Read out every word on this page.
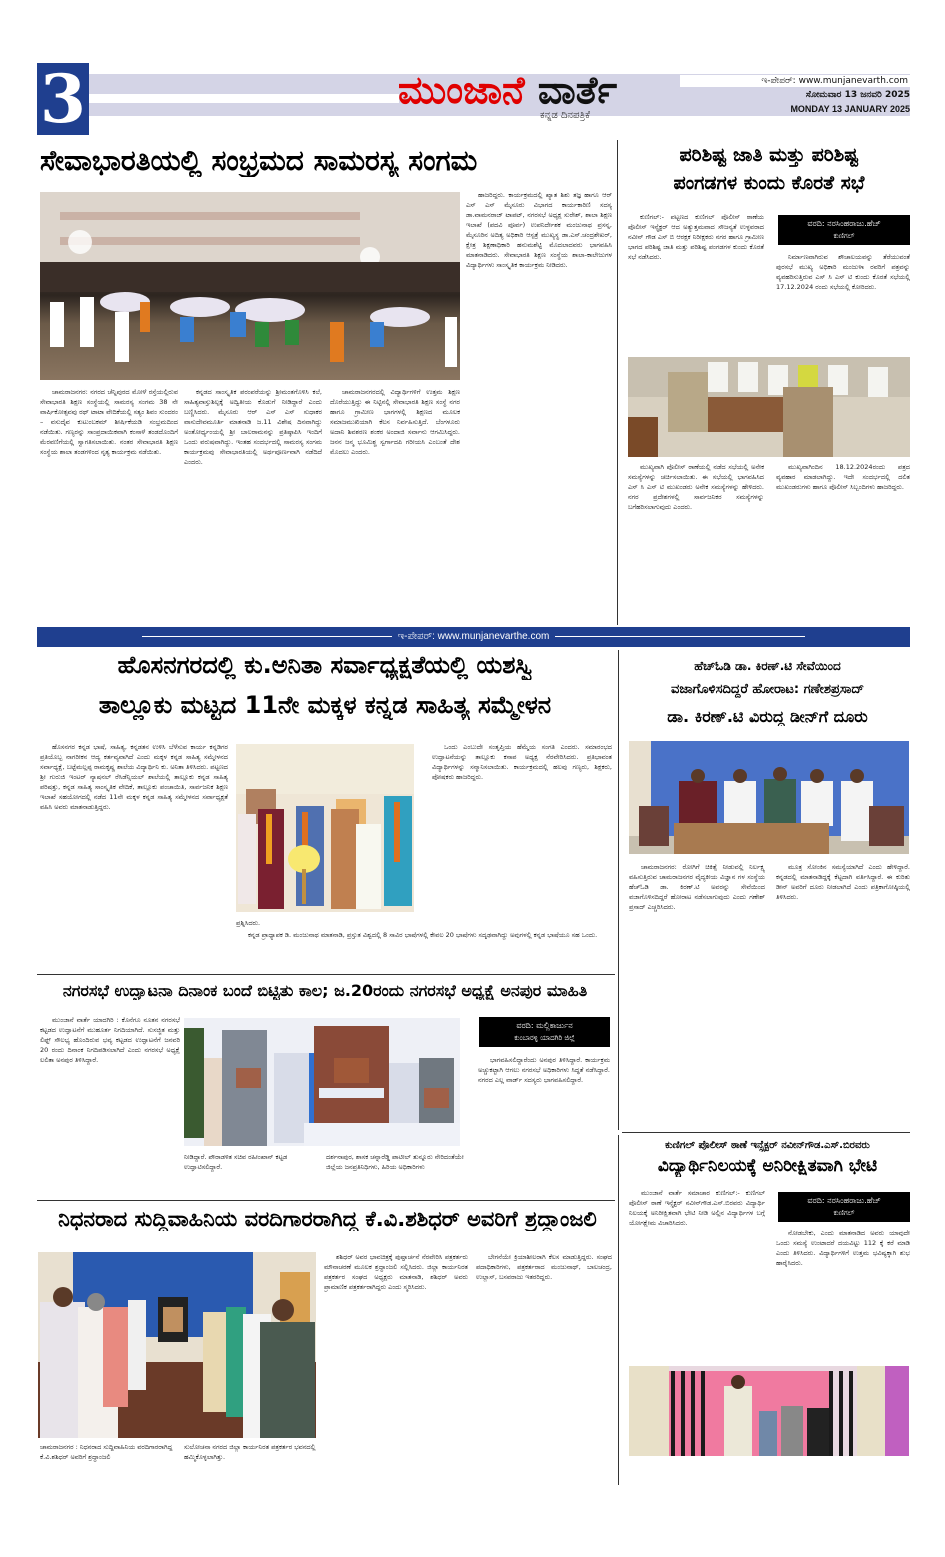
3	ಮುಂಜಾನೆ ವಾರ್ತೆ
ಕನ್ನಡ ದಿನಪತ್ರಿಕೆ
ಇ-ಪೇಪರ್: www.munjanevarth.com
ಸೋಮವಾರ 13 ಜನವರಿ 2025
MONDAY 13 JANUARY 2025
ಸೇವಾಭಾರತಿಯಲ್ಲಿ ಸಂಭ್ರಮದ ಸಾಮರಸ್ಯ ಸಂಗಮ

ಚಾಮರಾಜನಗರ: ನಗರದ ಚೆನ್ನಿಪುರದ ಮೋಳೆ ರಸ್ತೆಯಲ್ಲಿರುವ ಸೇವಾಭಾರತಿ ಶಿಕ್ಷಣ ಸಂಸ್ಥೆಯಲ್ಲಿ ಸಾಮರಸ್ಯ ಸಂಗಮ 38 ನೇ ವಾರ್ಷಿಕೋತ್ಸವವು ರಥ್ ಟಾಟಾ ವೇದಿಕೆಯಲ್ಲಿ ಸತ್ಯಂ ಶಿವಂ ಸುಂದರಂ – ವಸುದೈವ ಕುಟುಂಬಕಮ್ ಶೀರ್ಷಿಕೆಯಡಿ ಸಂಭ್ರಮದಿಂದ ನಡೆಯಿತು. ಗಣ್ಯರನ್ನು ಸಾಂಪ್ರದಾಯಿಕವಾಗಿ ಕಂಸಾಳೆ ತಂಡದೊಂದಿಗೆ ಮೆರವಣಿಗೆಯಲ್ಲಿ ಸ್ವಾಗತಿಸಲಾಯಿತು. ನಂತರ ಸೇವಾಭಾರತಿ ಶಿಕ್ಷಣ ಸಂಸ್ಥೆಯ ಶಾಲಾ ತಂಡಗಳಿಂದ ನೃತ್ಯ ಕಾರ್ಯಕ್ರಮ ನಡೆಯಿತು.

ಕನ್ನಡದ ಸಾಂಸ್ಕೃತಿಕ ಪರಂಪರೆಯನ್ನು ಶ್ರೀಮಂತಗೊಳಿಸಿ ಕಲೆ, ಸಾಹಿತ್ಯವಾಸ್ತುಶಿಲ್ಪಕ್ಕೆ ಅದ್ವಿತೀಯ ಕೊಡುಗೆ ನೀಡಿದ್ದಾರೆ ಎಂದು ಬಣ್ಣಿಸಿದರು. ಮೈಸೂರು ಆರ್ ಎಸ್ ಎಸ್ ಸುಧಾಕರ ವಾಸುದೇವಮೂರ್ತಿ ಮಾತನಾಡಿ ಜ.11 ವಿಶೇಷ ದಿನವಾಗಿದ್ದು ಅಂತೋರ್ಧ್ಯಂಯಲ್ಲಿ ಶ್ರೀ ಬಾಲರಾಮನನ್ನು ಪ್ರತಿಷ್ಠಾಪಿಸಿ ಇಂದಿಗೆ ಒಂದು ವರುಷವಾಗಿದ್ದು. ಇಂತಹ ಸಂದರ್ಭದಲ್ಲಿ ಸಾಮರಸ್ಯ ಸಂಗಮ ಕಾರ್ಯಕ್ರಮವು ಸೇವಾಭಾರತಿಯಲ್ಲಿ ಅರ್ಥಪೂರ್ಣವಾಗಿ ನಡೆದಿದೆ ಎಂದರು.

ಚಾಮರಾಜನಗರದಲ್ಲಿ ವಿದ್ಯಾರ್ಥಿಗಳಿಗೆ ಉತ್ತಮ ಶಿಕ್ಷಣ ದೊರೆಯುತ್ತಿದ್ದು ಈ ನಿಟ್ಟಿನಲ್ಲಿ ಸೇವಾಭಾರತಿ ಶಿಕ್ಷಣ ಸಂಸ್ಥೆ ನಗರ ಹಾಗೂ ಗ್ರಾಮೀಣ ಭಾಗಗಳಲ್ಲಿ ಶಿಕ್ಷಣದ ಮೂಲಕ ಸಮಾಜಮುಖಿಯಾಗಿ ಕೆಲಸ ನಿರ್ವಹಿಸುತ್ತಿದೆ. ಬೆಂಗಳೂರು ಅದಾನಿ ಶಿವಶರಣ ಶಂಕರ ಅಂದಾಜಿ ಸರ್ವಾನು ಆಗಮಿಸಿದ್ದರು. ಜನನ ಜನ್ಮ ಭೂಮಿಶ್ಚ ಸ್ವರ್ಗಾದಪಿ ಗರೀಯಸಿ ಎಂಬಂತೆ ದೇಶ ಮೊದಲು ಎಂದರು.

ಹಾಜರಿದ್ದರು. ಕಾರ್ಯಕ್ರಮದಲ್ಲಿ ಖ್ಯಾತ ಶಿಶು ತಜ್ಞ ಹಾಗೂ ಆರ್ ಎಸ್ ಎಸ್ ಮೈಸೂರು ವಿಭಾಗದ ಕಾರ್ಯಕಾರಿಣಿ ಸದಸ್ಯ ಡಾ.ವಾಮನರಾಜ್ ಟಾಪಟ್, ನಗರಸಭೆ ಅಧ್ಯಕ್ಷ ಸುರೇಶ್, ಶಾಲಾ ಶಿಕ್ಷಣ ಇಲಾಖೆ (ಪದವಿ ಪೂರ್ವ) ಉಪನಿರ್ದೇಶಕ ಮಂಜುನಾಥ ಪ್ರಸನ್ನ, ಮೈಸೂರಿನ ಅದಿತ್ಯ ಅಧಿಕಾರಿ ಆಸ್ಪತ್ರೆ ಮುಖ್ಯಸ್ಥ ಡಾ.ಎಸ್.ಚಂದ್ರಶೇಖರ್, ಕ್ಷೇತ್ರ ಶಿಕ್ಷಣಾಧಿಕಾರಿ ಹನುಮಶೆಟ್ಟಿ ಮೊದಲಾದವರು ಭಾಗವಹಿಸಿ ಮಾತನಾಡಿದರು. ಸೇವಾಭಾರತಿ ಶಿಕ್ಷಣ ಸಂಸ್ಥೆಯ ಶಾಲಾ-ಕಾಲೇಜುಗಳ ವಿದ್ಯಾರ್ಥಿಗಳು ಸಾಂಸ್ಕೃತಿಕ ಕಾರ್ಯಕ್ರಮ ನೀಡಿದರು.

ಪರಿಶಿಷ್ಟ ಜಾತಿ ಮತ್ತು ಪರಿಶಿಷ್ಟ
ಪಂಗಡಗಳ ಕುಂದು ಕೊರತೆ ಸಭೆ

ಕುಣಿಗಲ್:- ಪಟ್ಟಣದ ಕುಣಿಗಲ್ ಪೊಲೀಸ್ ಠಾಣೆಯ ಪೊಲೀಸ್ ಇನ್ಸ್ಪೆಕ್ಟರ್ ಆದ ಅತ್ಯುತ್ತಮವಾದ ಸೌಜನ್ಯತೆ ಉಳ್ಳವರಾದ ನವೀನ್ ಗೌಡ ಎಸ್ ಬಿ ಆರಕ್ಷಕ ನಿರೀಕ್ಷಕರು ನಗರ ಹಾಗೂ ಗ್ರಾಮೀಣ ಭಾಗದ ಪರಿಶಿಷ್ಟ ಜಾತಿ ಮತ್ತು ಪರಿಶಿಷ್ಟ ಪಂಗಡಗಳ ಕುಂದು ಕೊರತೆ ಸಭೆ ನಡೆಸಿದರು.

ವರದಿ: ನರಸಿಂಹರಾಜು.ಹೆಚ್
ಕುಣಿಗಲ್

ನಿರ್ಮಾಣವಾಗಿರುವ ಶೌಚಾಲಯವನ್ನು ತೆರೆಯುವಂತೆ ಪುರಸಭೆ ಮುಖ್ಯ ಅಧಿಕಾರಿ ಮಂಜುಳಾ ರವರಿಗೆ ಪತ್ರವನ್ನು ವ್ಯವಹರಿಸುತ್ತಿರುವ ಎಸ್ ಸಿ ಎಸ್ ಟಿ ಕುಂದು ಕೊರತೆ ಸಭೆಯಲ್ಲಿ 17.12.2024 ರಂದು ಸಭೆಯಲ್ಲಿ ಕೋರಿದರು.

ಮುಖ್ಯವಾಗಿ ಪೊಲೀಸ್ ಠಾಣೆಯಲ್ಲಿ ನಡೆದ ಸಭೆಯಲ್ಲಿ ಅನೇಕ ಸಮಸ್ಯೆಗಳನ್ನು ಚರ್ಚಿಸಲಾಯಿತು. ಈ ಸಭೆಯಲ್ಲಿ ಭಾಗವಹಿಸಿದ ಎಸ್ ಸಿ ಎಸ್ ಟಿ ಮುಖಂಡರು ಅನೇಕ ಸಮಸ್ಯೆಗಳನ್ನು ಹೇಳಿದರು. ನಗರ ಪ್ರದೇಶಗಳಲ್ಲಿ ಸಾರ್ವಜನಿಕರ ಸಮಸ್ಯೆಗಳನ್ನು ಬಗೆಹರಿಸಲಾಗುವುದು ಎಂದರು.

ಮುಖ್ಯವಾಗಿಂದಿನ 18.12.2024ರಂದು ಪತ್ರದ ವ್ಯವಹಾರ ಮಾಡಲಾಗಿದ್ದು. ಇದೇ ಸಂದರ್ಭದಲ್ಲಿ ದಲಿತ ಮುಖಂಡರುಗಳು ಹಾಗೂ ಪೊಲೀಸ್ ಸಿಬ್ಬಂದಿಗಳು ಹಾಜರಿದ್ದರು.

ಇ-ಪೇಪರ್: www.munjanevarthe.com
ಹೊಸನಗರದಲ್ಲಿ ಕು.ಅನಿತಾ ಸರ್ವಾಧ್ಯಕ್ಷತೆಯಲ್ಲಿ ಯಶಸ್ವಿ
ತಾಲ್ಲೂಕು ಮಟ್ಟದ 11ನೇ ಮಕ್ಕಳ ಕನ್ನಡ ಸಾಹಿತ್ಯ ಸಮ್ಮೇಳನ

ಹೊಸನಗರ ಕನ್ನಡ ಭಾಷೆ, ಸಾಹಿತ್ಯ, ಕನ್ನಡತನ ಉಳಿಸಿ ಬೆಳೆಸುವ ಕಾರ್ಯ ಕನ್ನಡಿಗರ ಪ್ರತಿಯೊಬ್ಬ ನಾಗರೀಕನ ಆದ್ಯ ಕರ್ತವ್ಯವಾಗಿದೆ ಎಂದು ಮಕ್ಕಳ ಕನ್ನಡ ಸಾಹಿತ್ಯ ಸಮ್ಮೇಳನದ ಸರ್ವಾಧ್ಯಕ್ಷೆ, ಬಟ್ಟೆಮಲ್ಲಪ್ಪ ರಾಮಕೃಷ್ಣ ಶಾಲೆಯ ವಿದ್ಯಾರ್ಥಿನಿ ಕು. ಅನಿತಾ ತಿಳಿಸಿದರು. ಪಟ್ಟಣದ ಶ್ರೀ ಗುರುಜಿ ಇಂಟರ್ ನ್ಯಾಷನಲ್ ರೆಸಿಡೆನ್ಸಿಯಲ್ ಶಾಲೆಯಲ್ಲಿ ತಾಲ್ಲೂಕು ಕನ್ನಡ ಸಾಹಿತ್ಯ ಪರಿಷತ್ತು, ಕನ್ನಡ ಸಾಹಿತ್ಯ ಸಾಂಸ್ಕೃತಿಕ ವೇದಿಕೆ, ತಾಲ್ಲೂಕು ಪಂಚಾಯಿತಿ, ಸಾರ್ವಜನಿಕ ಶಿಕ್ಷಣ ಇಲಾಖೆ ಸಹಯೋಗದಲ್ಲಿ ನಡೆದ 11ನೇ ಮಕ್ಕಳ ಕನ್ನಡ ಸಾಹಿತ್ಯ ಸಮ್ಮೇಳನದ ಸರ್ವಾಧ್ಯಕ್ಷತೆ ವಹಿಸಿ ಅವರು ಮಾತನಾಡುತ್ತಿದ್ದರು.

ಪ್ರಶ್ನಿಸಿದರು.

ಕನ್ನಡ ಪ್ರಾಧ್ಯಾಪಕ ಡಿ. ಮಂಜುನಾಥ ಮಾತನಾಡಿ, ಪ್ರಸ್ತುತ ವಿಶ್ವದಲ್ಲಿ 8 ಸಾವಿರ ಭಾಷೆಗಳಲ್ಲಿ ಕೇವಲ 20 ಭಾಷೆಗಳು ಸದೃಢವಾಗಿದ್ದು ಅವುಗಳಲ್ಲಿ ಕನ್ನಡ ಭಾಷೆಯೂ ಸಹ ಒಂದು.

ಒಂದು ಎಂಬುದೇ ಸಂತೃಪ್ತಿಯ ಹೆಮ್ಮೆಯ ಸಂಗತಿ ಎಂದರು. ಸಮಾರಂಭದ ಉದ್ಘಾಟನೆಯನ್ನು ತಾಲ್ಲೂಕು ಕಸಾಪ ಅಧ್ಯಕ್ಷ ನೆರವೇರಿಸಿದರು. ಪ್ರತಿಭಾವಂತ ವಿದ್ಯಾರ್ಥಿಗಳನ್ನು ಸನ್ಮಾನಿಸಲಾಯಿತು. ಕಾರ್ಯಕ್ರಮದಲ್ಲಿ ಹಲವು ಗಣ್ಯರು, ಶಿಕ್ಷಕರು, ಪೋಷಕರು ಹಾಜರಿದ್ದರು.

ಹೆಚ್‌ಓಡಿ ಡಾ. ಕಿರಣ್.ಟಿ ಸೇವೆಯಿಂದ
ವಜಾಗೊಳಿಸದಿದ್ದರೆ ಹೋರಾಟ: ಗಣೇಶಪ್ರಸಾದ್
ಡಾ. ಕಿರಣ್.ಟಿ ವಿರುದ್ಧ ಡೀನ್‌ಗೆ ದೂರು

ಚಾಮರಾಜನಗರ: ರೋಗಿಗೆ ಚಿಕಿತ್ಸೆ ನೀಡುವಲ್ಲಿ ನಿರ್ಲಕ್ಷ್ಯ ವಹಿಸುತ್ತಿರುವ ಚಾಮರಾಜನಗರ ವೈದ್ಯಕೀಯ ವಿಜ್ಞಾನ ಗಳ ಸಂಸ್ಥೆಯ ಹೆಚ್‌ಓಡಿ ಡಾ. ಕಿರಣ್.ಟಿ ಅವರನ್ನು ಸೇವೆಯಿಂದ ವಜಾಗೊಳಿಸದಿದ್ದರೆ ಹೋರಾಟ ನಡೆಸಲಾಗುವುದು ಎಂದು ಗಣೇಶ್ ಪ್ರಸಾದ್ ಎಚ್ಚರಿಸಿದರು.

ಮೂತ್ರ ಸೋಂಕಿನ ಸಮಸ್ಯೆಯಾಗಿದೆ ಎಂದು ಹೇಳಿದ್ದಾರೆ. ಕನ್ನಡದಲ್ಲಿ ಮಾತನಾಡಿದ್ದಕ್ಕೆ ಕೆಟ್ಟದಾಗಿ ವರ್ತಿಸಿದ್ದಾರೆ. ಈ ಕುರಿತು ಡೀನ್ ಅವರಿಗೆ ದೂರು ನೀಡಲಾಗಿದೆ ಎಂದು ಪತ್ರಿಕಾಗೋಷ್ಠಿಯಲ್ಲಿ ತಿಳಿಸಿದರು.

ನಗರಸಭೆ ಉದ್ಘಾಟನಾ ದಿನಾಂಕ ಬಂದೆ ಬಿಟ್ಟಿತು ಕಾಲ; ಜ.20ರಂದು ನಗರಸಭೆ ಅಧ್ಯಕ್ಷೆ ಅನಪುರ ಮಾಹಿತಿ

ಮುಂಜಾನೆ ವಾರ್ತೆ ಯಾದಗಿರಿ : ಕೊನೆಗೂ ನೂತನ ನಗರಸಭೆ ಕಟ್ಟಡದ ಉದ್ಘಾಟನೆಗೆ ಮುಹೂರ್ತ ನಿಗದಿಯಾಗಿದೆ. ಸುಸಜ್ಜಿತ ಮತ್ತು ಲಿಫ್ಟ್ ಸೌಲಭ್ಯ ಹೊಂದಿರುವ ಭವ್ಯ ಕಟ್ಟಡದ ಉದ್ಘಾಟನೆಗೆ ಜನವರಿ 20 ರಂದು ದಿನಾಂಕ ನಿಗದಿಪಡಿಸಲಾಗಿದೆ ಎಂದು ನಗರಸಭೆ ಅಧ್ಯಕ್ಷೆ ಲಲಿತಾ ಅನಪುರ ತಿಳಿಸಿದ್ದಾರೆ.

ನೀಡಿದ್ದಾರೆ. ಪೌರಾಡಳಿತ ಸಚಿವ ರಹೀಂಖಾನ್ ಕಟ್ಟಡ ಉದ್ಘಾಟಿಸಲಿದ್ದಾರೆ.
ದರ್ಶನಾಪುರ, ಶಾಸಕ ಚನ್ನಾರೆಡ್ಡಿ ಪಾಟೀಲ್ ತುನ್ನೂರು ನೇರಿದಂತೆಯೇ ಜಿಲ್ಲೆಯ ಜನಪ್ರತಿನಿಧಿಗಳು, ಹಿರಿಯ ಅಧಿಕಾರಿಗಳು
ವರದಿ: ಮಲ್ಲಿಕಾರ್ಜುನ
ಕುಂಬಾರಳ್ಳಿ ಯಾದಗಿರಿ ಜಿಲ್ಲೆ

ಭಾಗವಹಿಸಲಿದ್ದಾರೆಂದು ಅನಪುರ ತಿಳಿಸಿದ್ದಾರೆ. ಕಾರ್ಯಕ್ರಮ ಅಚ್ಚುಕಟ್ಟಾಗಿ ಆಗಲು ನಗರಸಭೆ ಅಧಿಕಾರಿಗಳು ಸಿದ್ಧತೆ ನಡೆಸಿದ್ದಾರೆ. ನಗರದ ಎಲ್ಲ ವಾರ್ಡ್ ಸದಸ್ಯರು ಭಾಗವಹಿಸಲಿದ್ದಾರೆ.

ಕುಣಿಗಲ್ ಪೊಲೀಸ್ ಠಾಣೆ ಇನ್ಸ್ಪೆಕ್ಟರ್ ನವೀನ್‌ಗೌಡ.ಎಸ್.ಬಿರವರು
ವಿದ್ಯಾರ್ಥಿನಿಲಯಕ್ಕೆ ಅನಿರೀಕ್ಷಿತವಾಗಿ ಭೇಟಿ

ಮುಂಜಾನೆ ವಾರ್ತೆ ಸಮಾಚಾರ ಕುಣಿಗಲ್:- ಕುಣಿಗಲ್ ಪೊಲೀಸ್ ಠಾಣೆ ಇನ್ಸ್ಪೆಕ್ಟರ್ ನವೀನ್‌ಗೌಡ.ಎಸ್.ಬಿರವರು ವಿದ್ಯಾರ್ಥಿ ನಿಲಯಕ್ಕೆ ಅನಿರೀಕ್ಷಿತವಾಗಿ ಭೇಟಿ ನೀಡಿ ಅಲ್ಲಿನ ವಿದ್ಯಾರ್ಥಿಗಳ ಬಗ್ಗೆ ಯೋಗಕ್ಷೇಮ ವಿಚಾರಿಸಿದರು.

ವರದಿ: ನರಸಿಂಹರಾಜು.ಹೆಚ್
ಕುಣಿಗಲ್

ನೋಡಬೇಕು, ಎಂದು ಮಾತನಾಡಿದ ಅವರು ಯಾವುದೇ ಒಂದು ಸಮಸ್ಯೆ ಉಂಟಾದರೆ ದಯವಿಟ್ಟು 112 ಕ್ಕೆ ಕರೆ ಮಾಡಿ ಎಂದು ತಿಳಿಸಿದರು. ವಿದ್ಯಾರ್ಥಿಗಳಿಗೆ ಉತ್ತಮ ಭವಿಷ್ಯಕ್ಕಾಗಿ ಶುಭ ಹಾರೈಸಿದರು.

ನಿಧನರಾದ ಸುದ್ದಿವಾಹಿನಿಯ ವರದಿಗಾರರಾಗಿದ್ದ ಕೆ.ವಿ.ಶಶಿಧರ್ ಅವರಿಗೆ ಶ್ರದ್ಧಾಂಜಲಿ
ಚಾಮರಾಜನಗರ : ನಿಧನರಾದ ಸುದ್ದಿವಾಹಿನಿಯ ವರದಿಗಾರರಾಗಿದ್ದ ಕೆ.ವಿ.ಶಶಿಧರ್ ಅವರಿಗೆ ಶ್ರದ್ಧಾಂಜಲಿ
ಸುಲೋಚನಾ ನಗರದ ಜಿಲ್ಲಾ ಕಾರ್ಯನಿರತ ಪತ್ರಕರ್ತರ ಭವನದಲ್ಲಿ ಹಮ್ಮಿಕೊಳ್ಳಲಾಗಿತ್ತು.

ಶಶಿಧರ್ ಅವರ ಭಾವಚಿತ್ರಕ್ಕೆ ಪುಷ್ಪಾರ್ಚನೆ ನೆರವೇರಿಸಿ ಪತ್ರಕರ್ತರು ಮೌನಾಚರಣೆ ಮೂಲಕ ಶ್ರದ್ಧಾಂಜಲಿ ಸಲ್ಲಿಸಿದರು. ಜಿಲ್ಲಾ ಕಾರ್ಯನಿರತ ಪತ್ರಕರ್ತರ ಸಂಘದ ಅಧ್ಯಕ್ಷರು ಮಾತನಾಡಿ, ಶಶಿಧರ್ ಅವರು ಪ್ರಾಮಾಣಿಕ ಪತ್ರಕರ್ತರಾಗಿದ್ದರು ಎಂದು ಸ್ಮರಿಸಿದರು.

ಬೇಗನೆಯೇ ಕ್ರಿಯಾಶೀಲರಾಗಿ ಕೆಲಸ ಮಾಡುತ್ತಿದ್ದರು. ಸಂಘದ ಪದಾಧಿಕಾರಿಗಳು, ಪತ್ರಕರ್ತರಾದ ಮಂಜುನಾಥ್, ಬಾಲಚಂದ್ರ, ಉಲ್ಲಾಸ್, ಬಸವರಾಜು ಇತರರಿದ್ದರು.
